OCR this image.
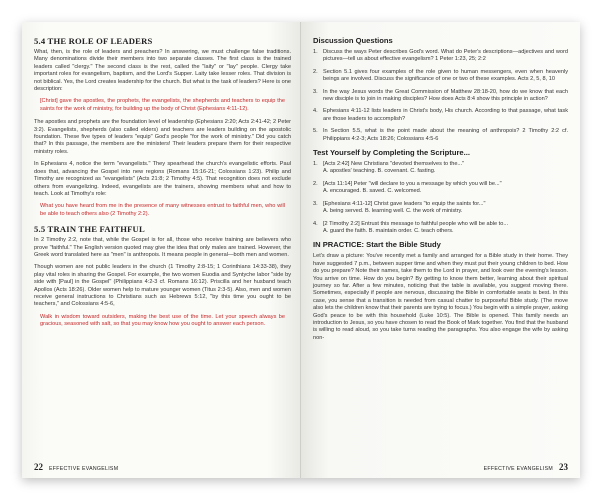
5.4 THE ROLE OF LEADERS

What, then, is the role of leaders and preachers? In answering, we must challenge false traditions. Many denominations divide their members into two separate classes. The first class is the trained leaders called "clergy." The second class is the rest, called the "laity" or "lay" people. Clergy take important roles for evangelism, baptism, and the Lord's Supper. Laity take lesser roles. That division is not biblical. Yes, the Lord creates leadership for the church. But what is the task of leaders? Here is one description:

[Christ] gave the apostles, the prophets, the evangelists, the shepherds and teachers to equip the saints for the work of ministry, for building up the body of Christ (Ephesians 4:11-12).

The apostles and prophets are the foundation level of leadership (Ephesians 2:20; Acts 2:41-42; 2 Peter 3:2). Evangelists, shepherds (also called elders) and teachers are leaders building on the apostolic foundation. These five types of leaders "equip" God's people "for the work of ministry." Did you catch that? In this passage, the members are the ministers! Their leaders prepare them for their respective ministry roles.

In Ephesians 4, notice the term "evangelists." They spearhead the church's evangelistic efforts. Paul does that, advancing the Gospel into new regions (Romans 15:16-21; Colossians 1:23). Philip and Timothy are recognized as "evangelists" (Acts 21:8; 2 Timothy 4:5). That recognition does not exclude others from evangelizing. Indeed, evangelists are the trainers, showing members what and how to teach. Look at Timothy's role:

What you have heard from me in the presence of many witnesses entrust to faithful men, who will be able to teach others also (2 Timothy 2:2).

5.5 TRAIN THE FAITHFUL

In 2 Timothy 2:2, note that, while the Gospel is for all, those who receive training are believers who prove "faithful." The English version quoted may give the idea that only males are trained. However, the Greek word translated here as "men" is anthropois. It means people in general—both men and women.

Though women are not public leaders in the church (1 Timothy 2:8-15; 1 Corinthians 14:33-38), they play vital roles in sharing the Gospel. For example, the two women Euodia and Syntyche labor "side by side with [Paul] in the Gospel" (Philippians 4:2-3 cf. Romans 16:12). Priscilla and her husband teach Apollos (Acts 18:26). Older women help to mature younger women (Titus 2:3-5). Also, men and women receive general instructions to Christians such as Hebrews 5:12, "by this time you ought to be teachers," and Colossians 4:5-6,

Walk in wisdom toward outsiders, making the best use of the time. Let your speech always be gracious, seasoned with salt, so that you may know how you ought to answer each person.

22 EFFECTIVE EVANGELISM
Discussion Questions
1. Discuss the ways Peter describes God's word. What do Peter's descriptions—adjectives and word pictures—tell us about effective evangelism? 1 Peter 1:23, 25; 2:2
2. Section 5.1 gives four examples of the role given to human messengers, even when heavenly beings are involved. Discuss the significance of one or two of these examples. Acts 2, 5, 8, 10
3. In the way Jesus words the Great Commission of Matthew 28:18-20, how do we know that each new disciple is to join in making disciples? How does Acts 8:4 show this principle in action?
4. Ephesians 4:11-12 lists leaders in Christ's body, His church. According to that passage, what task are those leaders to accomplish?
5. In Section 5.5, what is the point made about the meaning of anthropois? 2 Timothy 2:2 cf. Philippians 4:2-3; Acts 18:26; Colossians 4:5-6
Test Yourself by Completing the Scripture...
1. [Acts 2:42] New Christians "devoted themselves to the..."
A. apostles' teaching. B. covenant. C. fasting.
2. [Acts 11:14] Peter "will declare to you a message by which you will be..."
A. encouraged. B. saved. C. welcomed.
3. [Ephesians 4:11-12] Christ gave leaders "to equip the saints for..."
A. being served. B. learning well. C. the work of ministry.
4. [2 Timothy 2:2] Entrust this message to faithful people who will be able to...
A. guard the faith. B. maintain order. C. teach others.
IN PRACTICE: Start the Bible Study

Let's draw a picture: You've recently met a family and arranged for a Bible study in their home. They have suggested 7 p.m., between supper time and when they must put their young children to bed. How do you prepare? Note their names, take them to the Lord in prayer, and look over the evening's lesson. You arrive on time. How do you begin? By getting to know them better, learning about their spiritual journey so far. After a few minutes, noticing that the table is available, you suggest moving there. Sometimes, especially if people are nervous, discussing the Bible in comfortable seats is best. In this case, you sense that a transition is needed from casual chatter to purposeful Bible study. (The move also lets the children know that their parents are trying to focus.) You begin with a simple prayer, asking God's peace to be with this household (Luke 10:5). The Bible is opened. This family needs an introduction to Jesus, so you have chosen to read the Book of Mark together. You find that the husband is willing to read aloud, so you take turns reading the paragraphs. You also engage the wife by asking non-

EFFECTIVE EVANGELISM 23
